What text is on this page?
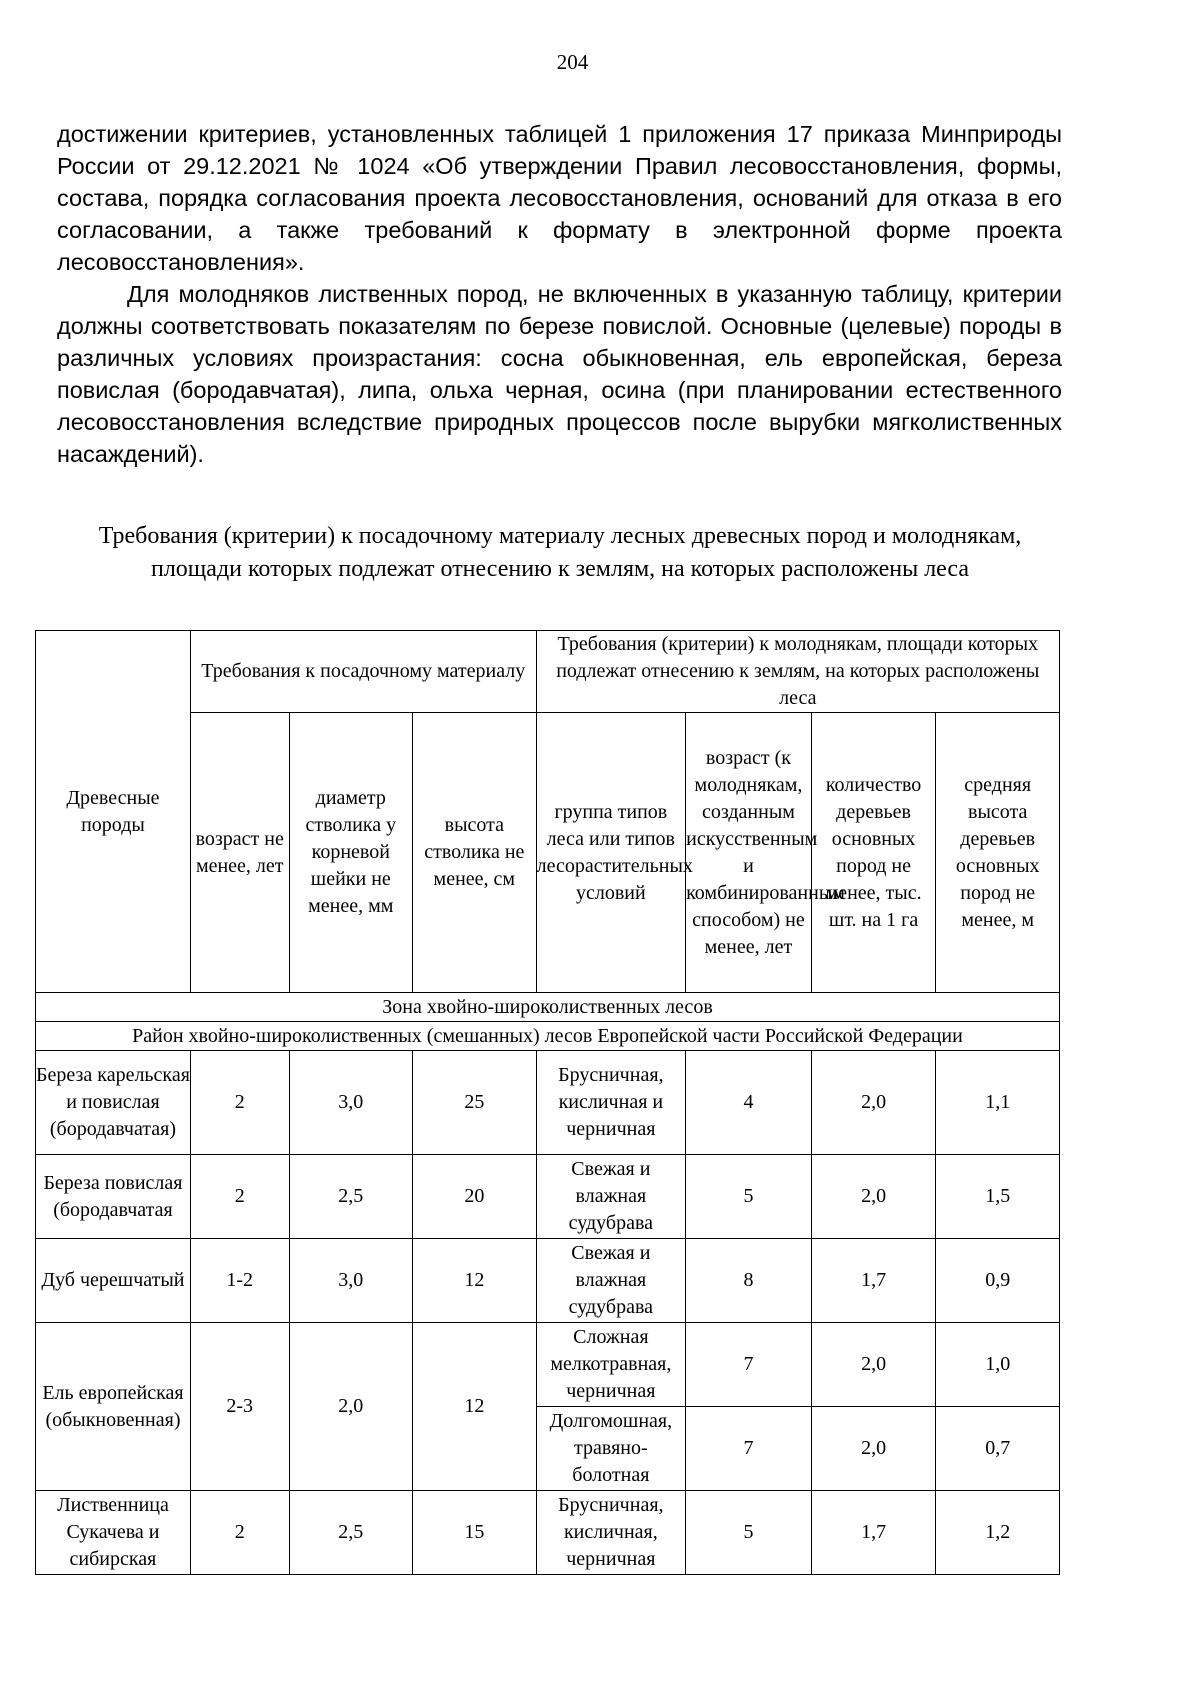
204

достижении критериев, установленных таблицей 1 приложения 17 приказа Минприроды России от 29.12.2021 № 1024 «Об утверждении Правил лесовосстановления, формы, состава, порядка согласования проекта лесовосстановления, оснований для отказа в его согласовании, а также требований к формату в электронной форме проекта лесовосстановления».

Для молодняков лиственных пород, не включенных в указанную таблицу, критерии должны соответствовать показателям по березе повислой. Основные (целевые) породы в различных условиях произрастания: сосна обыкновенная, ель европейская, береза повислая (бородавчатая), липа, ольха черная, осина (при планировании естественного лесовосстановления вследствие природных процессов после вырубки мягколиственных насаждений).

Требования (критерии) к посадочному материалу лесных древесных пород и молоднякам, площади которых подлежат отнесению к землям, на которых расположены леса
Древесные породы	Требования к посадочному материалу			Требования (критерии) к молоднякам, площади которых подлежат отнесению к землям, на которых расположены леса			
	возраст не менее, лет	диаметр стволика у корневой шейки не менее, мм	высота стволика не менее, см	группа типов леса или типов лесорастительных условий	возраст (к молоднякам, созданным искусственным и комбинированным способом) не менее, лет	количество деревьев основных пород не менее, тыс. шт. на 1 га	средняя высота деревьев основных пород не менее, м
Зона хвойно-широколиственных лесов							
Район хвойно-широколиственных (смешанных) лесов Европейской части Российской Федерации							
Береза карельская и повислая (бородавчатая)	2	3,0	25	Брусничная, кисличная и черничная	4	2,0	1,1
Береза повислая (бородавчатая	2	2,5	20	Свежая и влажная судубрава	5	2,0	1,5
Дуб черешчатый	1-2	3,0	12	Свежая и влажная судубрава	8	1,7	0,9
Ель европейская (обыкновенная)	2-3	2,0	12	Сложная мелкотравная, черничная	7	2,0	1,0
				Долгомошная, травяно-болотная	7	2,0	0,7
Лиственница Сукачева и сибирская	2	2,5	15	Брусничная, кисличная, черничная	5	1,7	1,2
